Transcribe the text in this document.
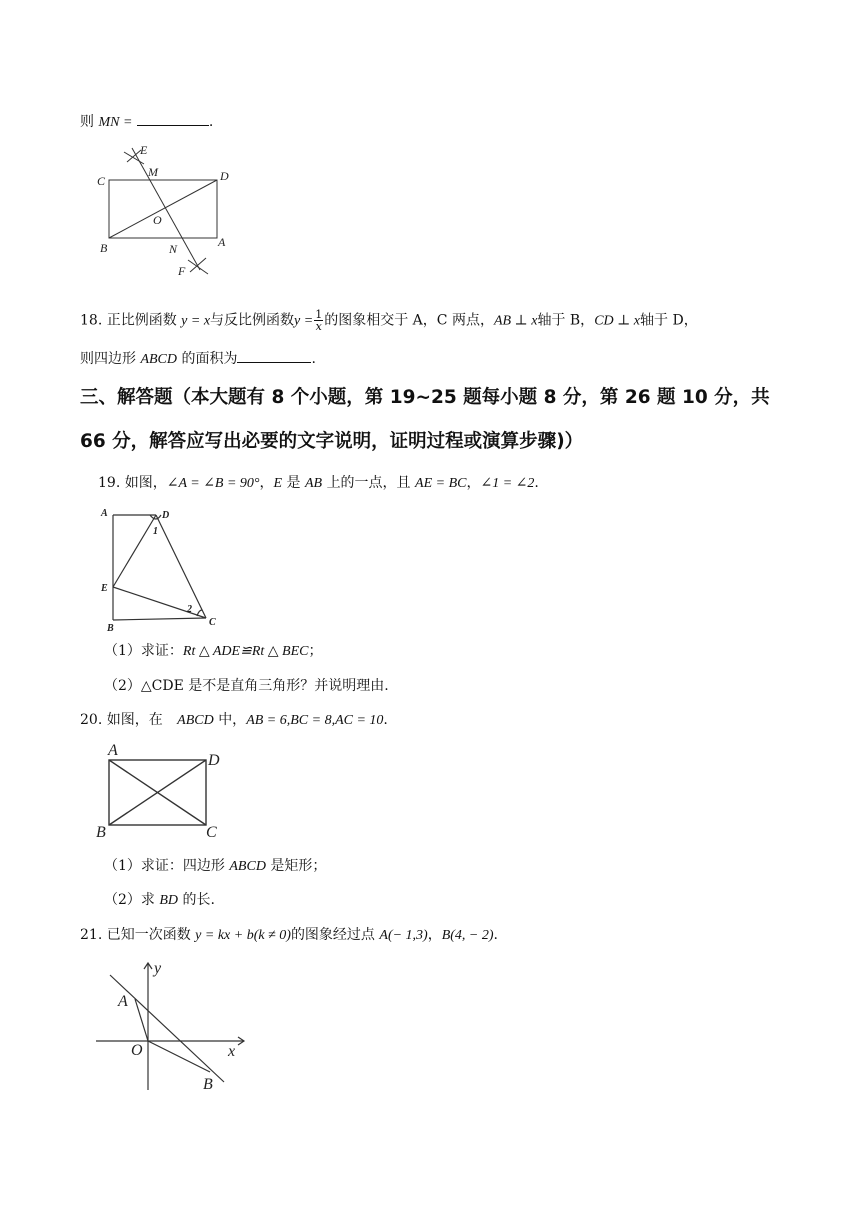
则 MN =	.
C	D
B	A
E
M
O
N
F
18. 正比例函数 y = x与反比例函数$y = \frac{1}{x}$ 的图象相交于 A，C 两点，AB ⊥ x轴于 B，CD ⊥ x轴于 D，
则四边形 ABCD 的面积为	.
三、解答题（本大题有 8 个小题，第 19~25 题每小题 8 分，第 26 题 10 分，共
66 分，解答应写出必要的文字说明，证明过程或演算步骤)）
19. 如图，∠A = ∠B = 90°，E 是 AB 上的一点，且 AE = BC，∠1 = ∠2.
A	D
1
E
2
B
C
（1）求证：Rt △ ADE≌Rt △ BEC；
（2）△CDE 是不是直角三角形？并说明理由.
20. 如图，在 ABCD 中，AB = 6,BC = 8,AC = 10.
A
D
B	C
（1）求证：四边形 ABCD 是矩形；
（2）求 BD 的长.
21. 已知一次函数 y = kx + b(k ≠ 0)的图象经过点 A(− 1,3)，B(4, − 2).
y
A
O	x
B
